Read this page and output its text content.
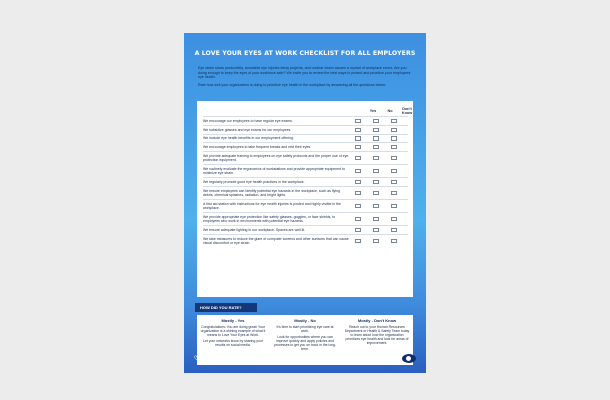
A LOVE YOUR EYES AT WORK CHECKLIST FOR ALL EMPLOYERS

Eye strain slows productivity, avoidable eye injuries delay projects, and unclear vision causes a myriad of workplace errors. Are you doing enough to keep the eyes of your workforce safe? We invite you to review the best ways to protect and prioritize your employees' eye health.

Rate how well your organization is doing to prioritize eye health in the workplace by answering all the questions below:

Yes	No	Don't Know
We encourage our employees to have regular eye exams.
We subsidize glasses and eye exams for our employees.
We include eye health benefits in our employment offering.
We encourage employees to take frequent breaks and rest their eyes.
We provide adequate training to employees on eye safety protocols and the proper use of eye protection equipment.
We routinely evaluate the ergonomics of workstations and provide appropriate equipment to minimize eye strain.
We regularly promote good eye health practices in the workplace.
We ensure employees can identify potential eye hazards in the workplace, such as flying debris, chemical splashes, radiation, and bright lights.
A first aid station with instructions for eye health injuries is posted and highly visible in the workplace.
We provide appropriate eye protection like safety glasses, goggles, or face shields, to employees who work in environments with potential eye hazards.
We ensure adequate lighting in our workplace. Spaces are well lit.
We take measures to reduce the glare of computer screens and other surfaces that can cause visual discomfort or eye strain.
HOW DID YOU RATE?
Mostly - Yes

Congratulations: You are doing great! Your organization is a shining example of what it means to Love Your Eyes at Work.

Let your networks know by sharing your results on social media.

Mostly - No

It's time to start prioritizing eye care at work.

Look for opportunities where you can improve quickly and apply policies and processes to get you on track in the long-term.

Mostly - Don't Know

Reach out to your Human Resources Department or Health & Safety Team today to learn about how the organization prioritizes eye health and look for areas of improvement.

♡ YOUR EYES += WORLD
SIGHT DAY
